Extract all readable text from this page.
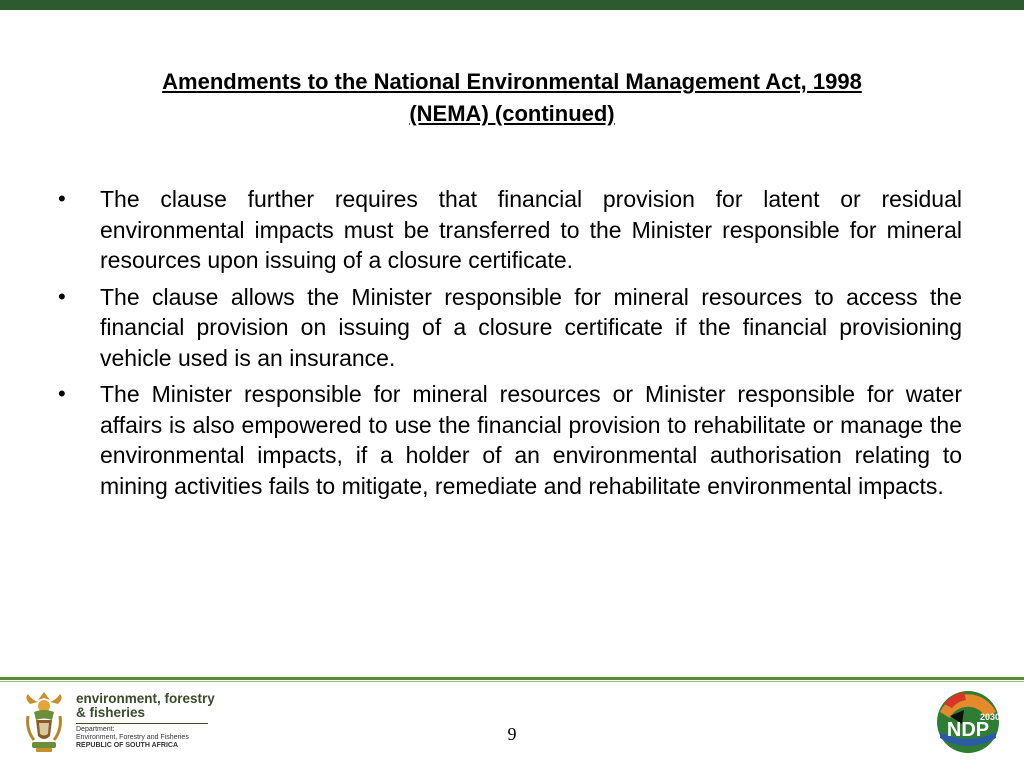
Amendments to the National Environmental Management Act, 1998
(NEMA) (continued)
• The clause further requires that financial provision for latent or residual environmental impacts must be transferred to the Minister responsible for mineral resources upon issuing of a closure certificate.
• The clause allows the Minister responsible for mineral resources to access the financial provision on issuing of a closure certificate if the financial provisioning vehicle used is an insurance.
• The Minister responsible for mineral resources or Minister responsible for water affairs is also empowered to use the financial provision to rehabilitate or manage the environmental impacts, if a holder of an environmental authorisation relating to mining activities fails to mitigate, remediate and rehabilitate environmental impacts.
environment, forestry
& fisheries
Department:
Environment, Forestry and Fisheries
REPUBLIC OF SOUTH AFRICA
9
2030
NDP
